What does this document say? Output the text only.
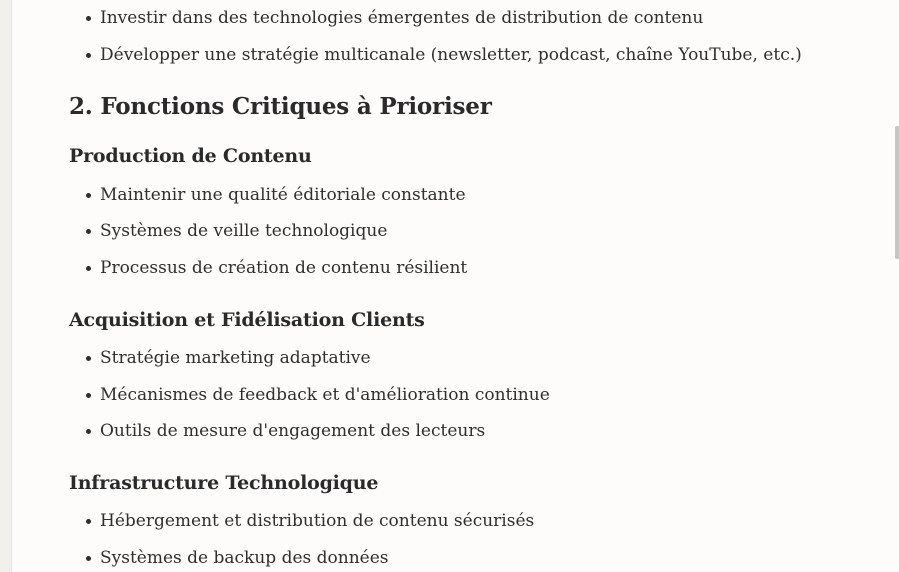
Investir dans des technologies émergentes de distribution de contenu
Développer une stratégie multicanale (newsletter, podcast, chaîne YouTube, etc.)
2. Fonctions Critiques à Prioriser
Production de Contenu
Maintenir une qualité éditoriale constante
Systèmes de veille technologique
Processus de création de contenu résilient
Acquisition et Fidélisation Clients
Stratégie marketing adaptative
Mécanismes de feedback et d'amélioration continue
Outils de mesure d'engagement des lecteurs
Infrastructure Technologique
Hébergement et distribution de contenu sécurisés
Systèmes de backup des données
